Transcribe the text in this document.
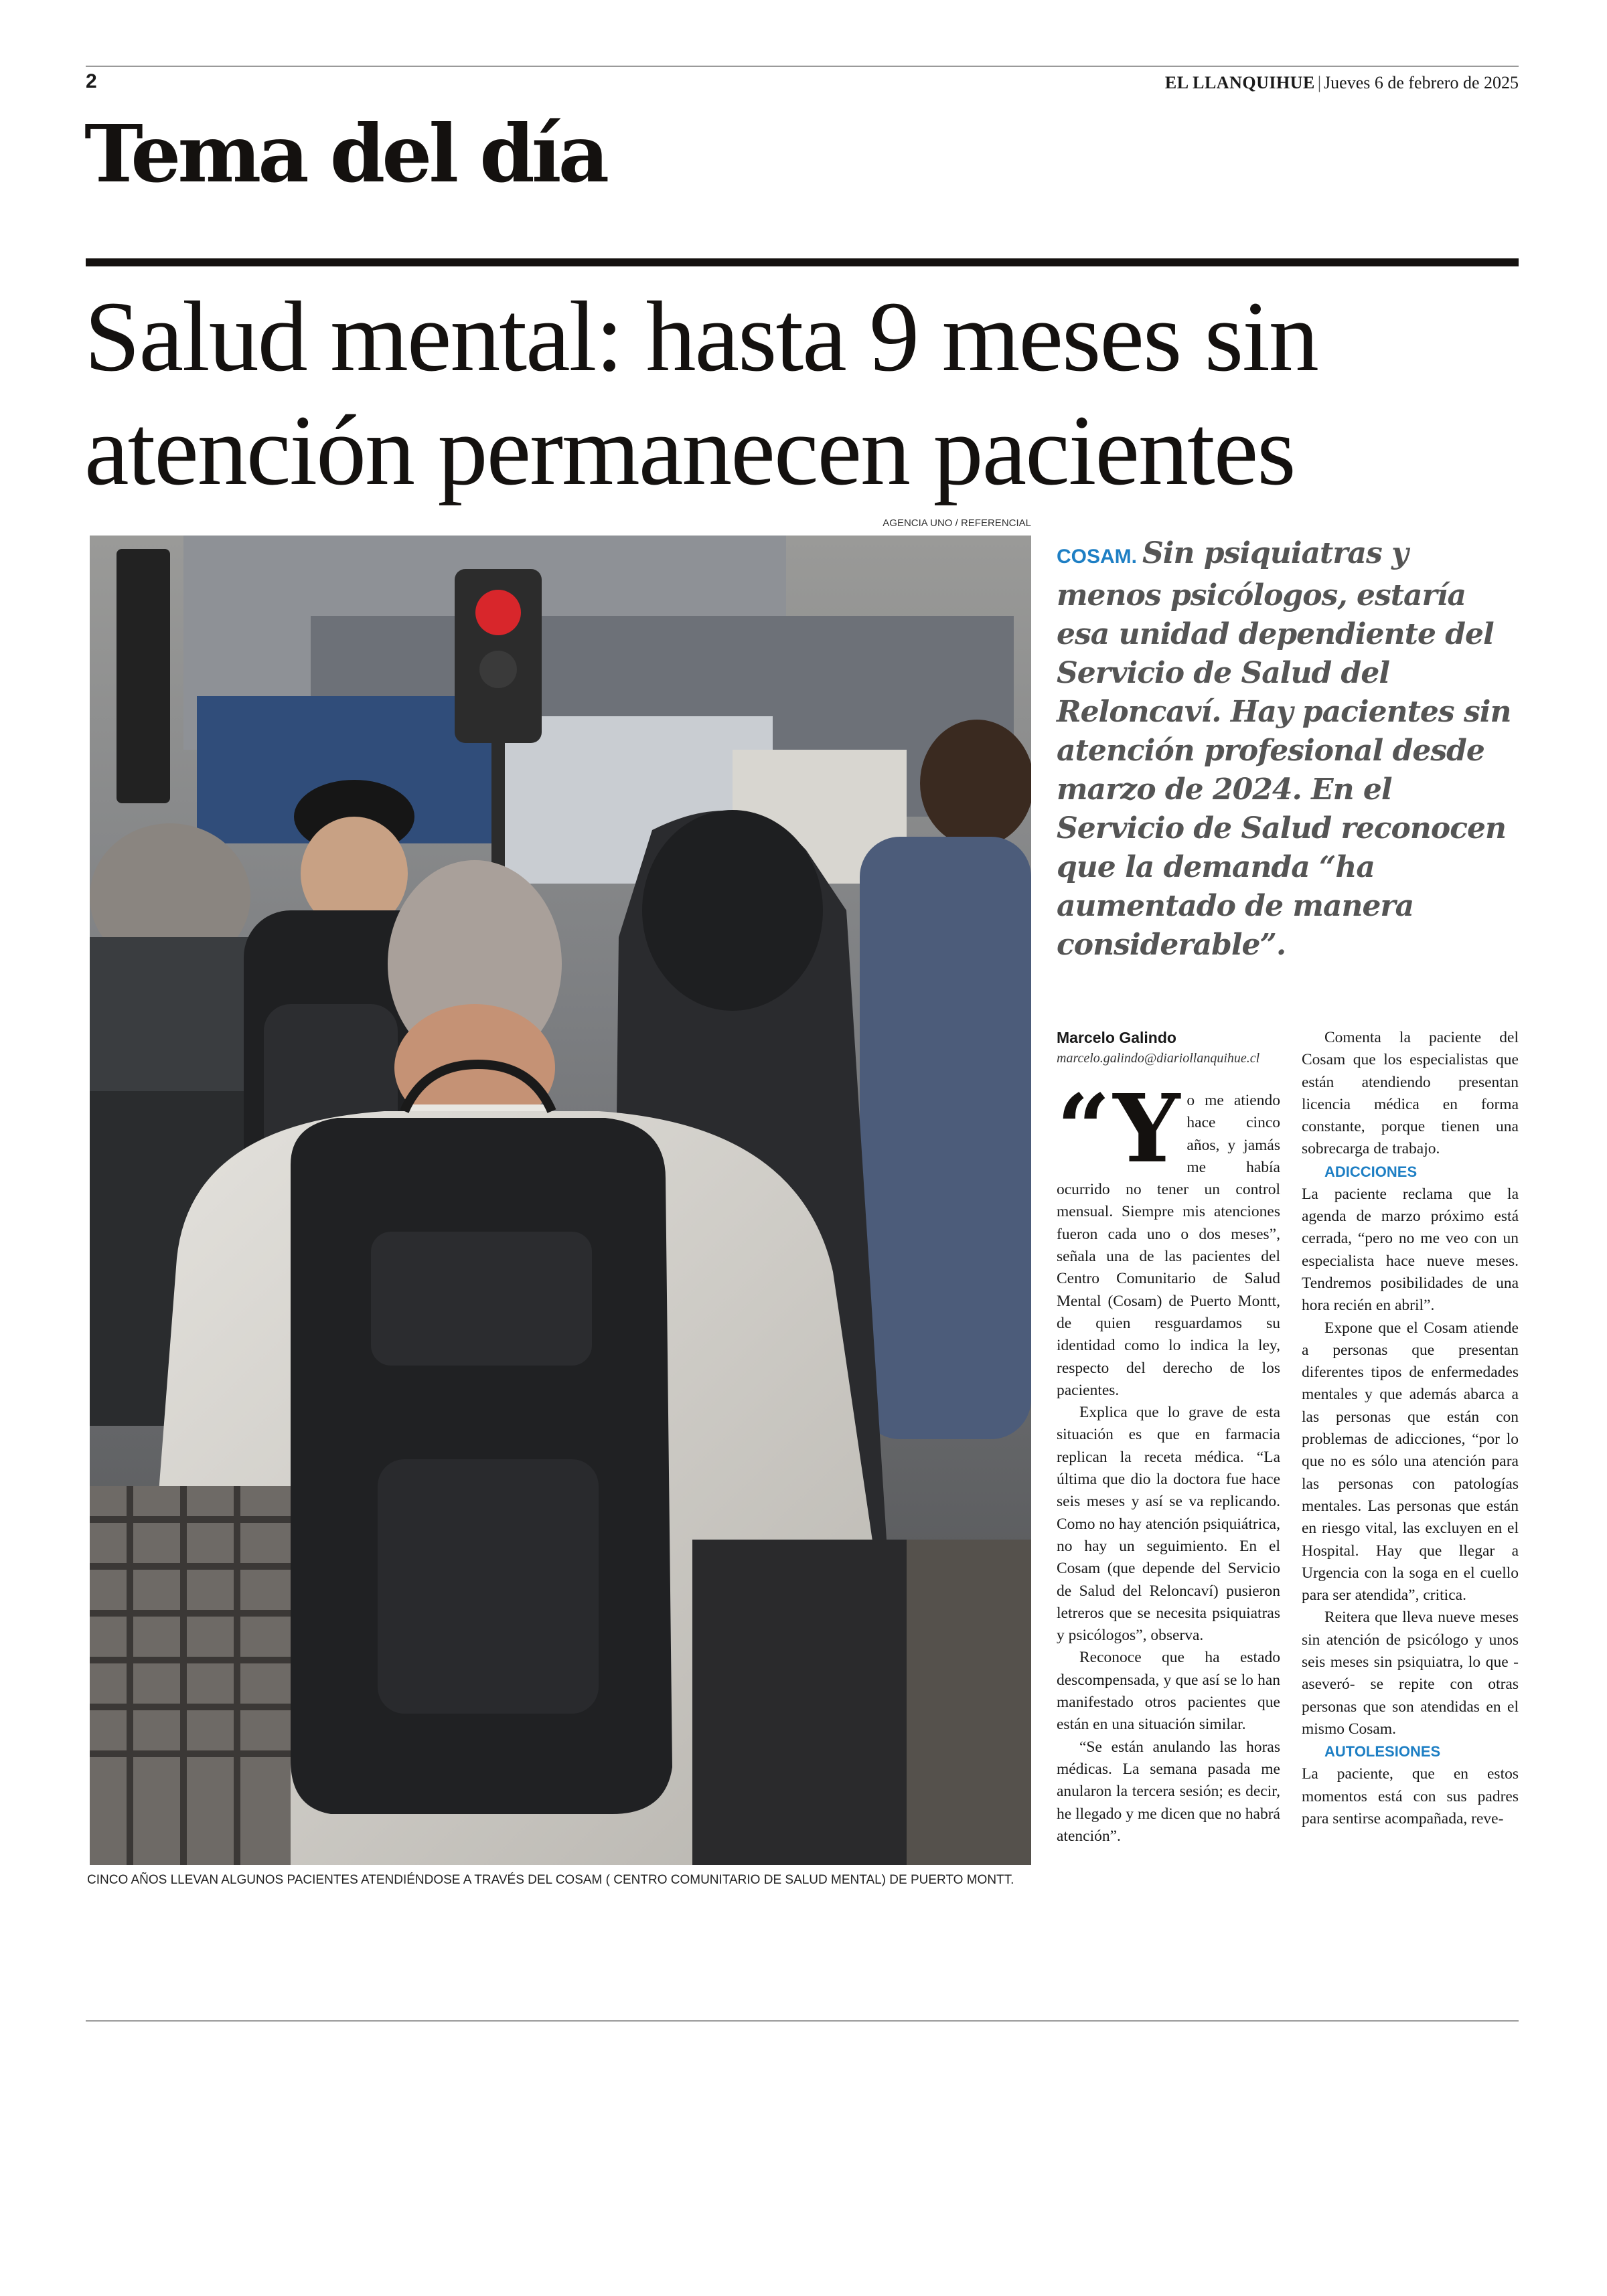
2	EL LLANQUIHUE | Jueves 6 de febrero de 2025
Tema del día
Salud mental: hasta 9 meses sin atención permanecen pacientes
AGENCIA UNO / REFERENCIAL
CINCO AÑOS LLEVAN ALGUNOS PACIENTES ATENDIÉNDOSE A TRAVÉS DEL COSAM ( CENTRO COMUNITARIO DE SALUD MENTAL) DE PUERTO MONTT.

COSAM. Sin psiquiatras y menos psicólogos, estaría esa unidad dependiente del Servicio de Salud del Reloncaví. Hay pacientes sin atención profesional desde marzo de 2024. En el Servicio de Salud reconocen que la demanda “ha aumentado de manera considerable”.

Marcelo Galindo
marcelo.galindo@diariollanquihue.cl

“Y o me atiendo hace cinco años, y jamás me había ocurrido no tener un control mensual. Siempre mis atenciones fueron cada uno o dos meses”, señala una de las pacientes del Centro Comunitario de Salud Mental (Cosam) de Puerto Montt, de quien resguardamos su identidad como lo indica la ley, respecto del derecho de los pacientes.

Explica que lo grave de esta situación es que en farmacia replican la receta médica. “La última que dio la doctora fue hace seis meses y así se va replicando. Como no hay atención psiquiátrica, no hay un seguimiento. En el Cosam (que depende del Servicio de Salud del Reloncaví) pusieron letreros que se necesita psiquiatras y psicólogos”, observa.

Reconoce que ha estado descompensada, y que así se lo han manifestado otros pacientes que están en una situación similar.

“Se están anulando las horas médicas. La semana pasada me anularon la tercera sesión; es decir, he llegado y me dicen que no habrá atención”.

Comenta la paciente del Cosam que los especialistas que están atendiendo presentan licencia médica en forma constante, porque tienen una sobrecarga de trabajo.

ADICCIONES

La paciente reclama que la agenda de marzo próximo está cerrada, “pero no me veo con un especialista hace nueve meses. Tendremos posibilidades de una hora recién en abril”.

Expone que el Cosam atiende a personas que presentan diferentes tipos de enfermedades mentales y que además abarca a las personas que están con problemas de adicciones, “por lo que no es sólo una atención para las personas con patologías mentales. Las personas que están en riesgo vital, las excluyen en el Hospital. Hay que llegar a Urgencia con la soga en el cuello para ser atendida”, critica.

Reitera que lleva nueve meses sin atención de psicólogo y unos seis meses sin psiquiatra, lo que -aseveró- se repite con otras personas que son atendidas en el mismo Cosam.

AUTOLESIONES

La paciente, que en estos momentos está con sus padres para sentirse acompañada, reve-
